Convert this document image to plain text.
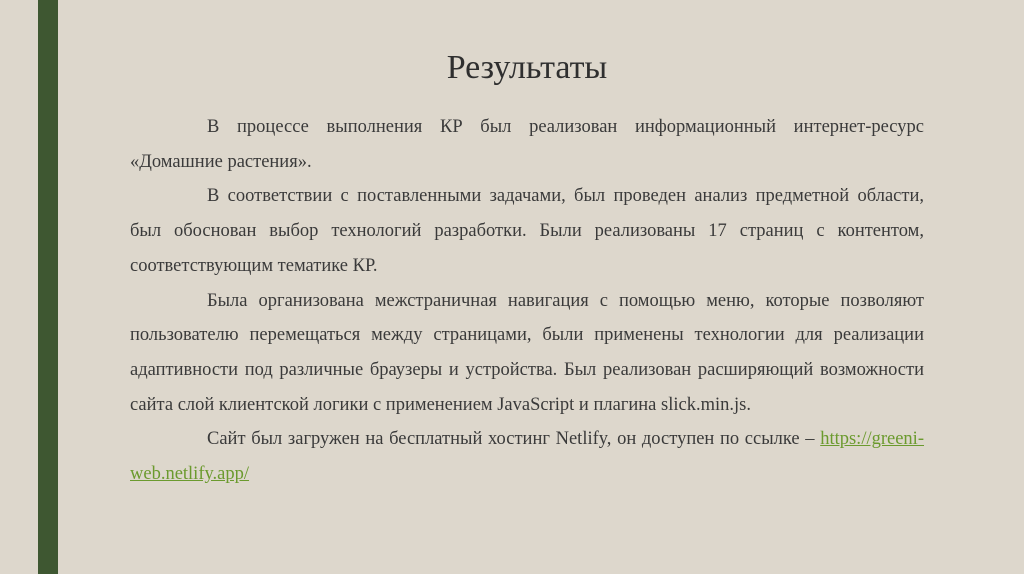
Результаты

В процессе выполнения КР был реализован информационный интернет-ресурс «Домашние растения».

В соответствии с поставленными задачами, был проведен анализ предметной области, был обоснован выбор технологий разработки. Были реализованы 17 страниц с контентом, соответствующим тематике КР.

Была организована межстраничная навигация с помощью меню, которые позволяют пользователю перемещаться между страницами, были применены технологии для реализации адаптивности под различные браузеры и устройства. Был реализован расширяющий возможности сайта слой клиентской логики с применением JavaScript и плагина slick.min.js.

Сайт был загружен на бесплатный хостинг Netlify, он доступен по ссылке – https://greeni-web.netlify.app/
